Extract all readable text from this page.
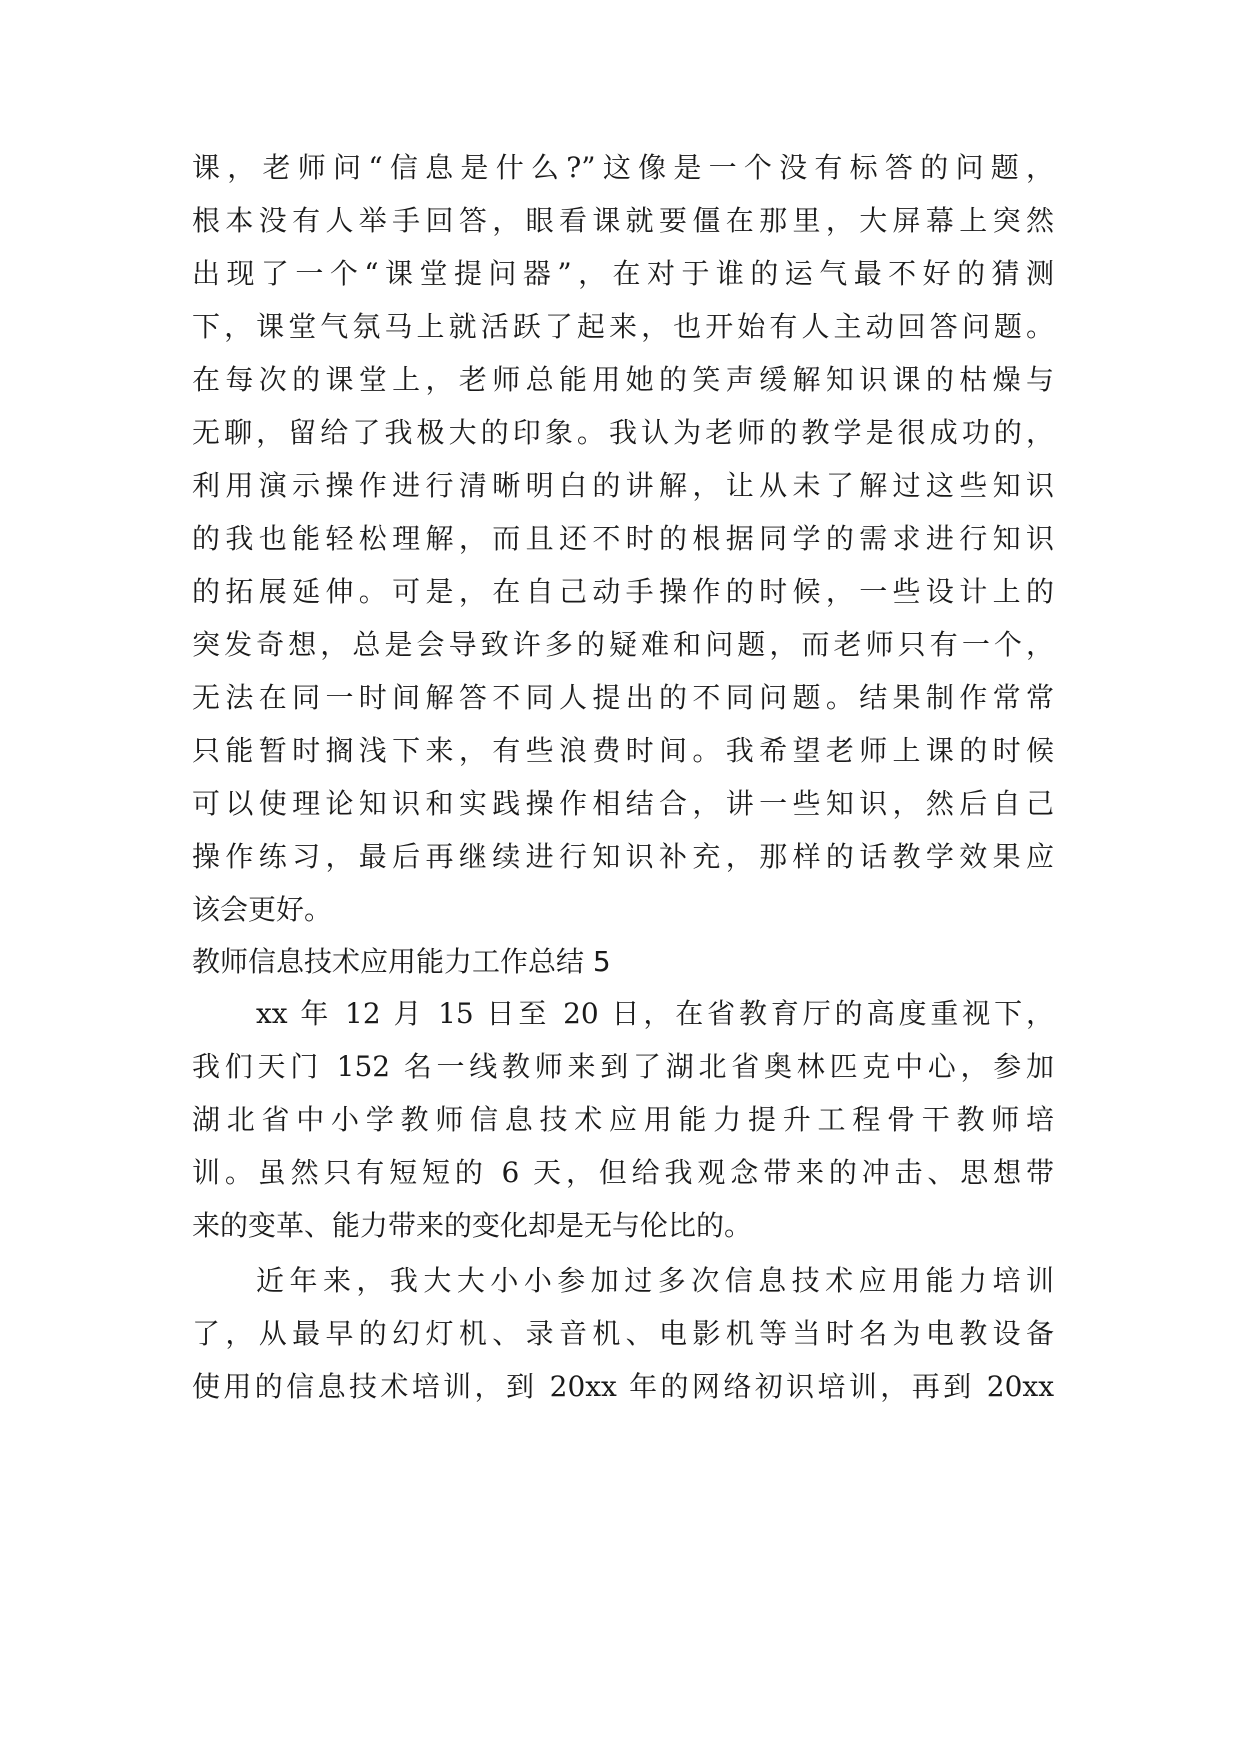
课，老师问“信息是什么?”这像是一个没有标答的问题，
根本没有人举手回答，眼看课就要僵在那里，大屏幕上突然
出现了一个“课堂提问器”，在对于谁的运气最不好的猜测
下，课堂气氛马上就活跃了起来，也开始有人主动回答问题。
在每次的课堂上，老师总能用她的笑声缓解知识课的枯燥与
无聊，留给了我极大的印象。我认为老师的教学是很成功的，
利用演示操作进行清晰明白的讲解，让从未了解过这些知识
的我也能轻松理解，而且还不时的根据同学的需求进行知识
的拓展延伸。可是，在自己动手操作的时候，一些设计上的
突发奇想，总是会导致许多的疑难和问题，而老师只有一个，
无法在同一时间解答不同人提出的不同问题。结果制作常常
只能暂时搁浅下来，有些浪费时间。我希望老师上课的时候
可以使理论知识和实践操作相结合，讲一些知识，然后自己
操作练习，最后再继续进行知识补充，那样的话教学效果应
该会更好。
教师信息技术应用能力工作总结 5
xx 年 12 月 15 日至 20 日，在省教育厅的高度重视下，
我们天门 152 名一线教师来到了湖北省奥林匹克中心，参加
湖北省中小学教师信息技术应用能力提升工程骨干教师培
训。虽然只有短短的 6 天，但给我观念带来的冲击、思想带
来的变革、能力带来的变化却是无与伦比的。
近年来，我大大小小参加过多次信息技术应用能力培训
了，从最早的幻灯机、录音机、电影机等当时名为电教设备
使用的信息技术培训，到 20xx 年的网络初识培训，再到 20xx
